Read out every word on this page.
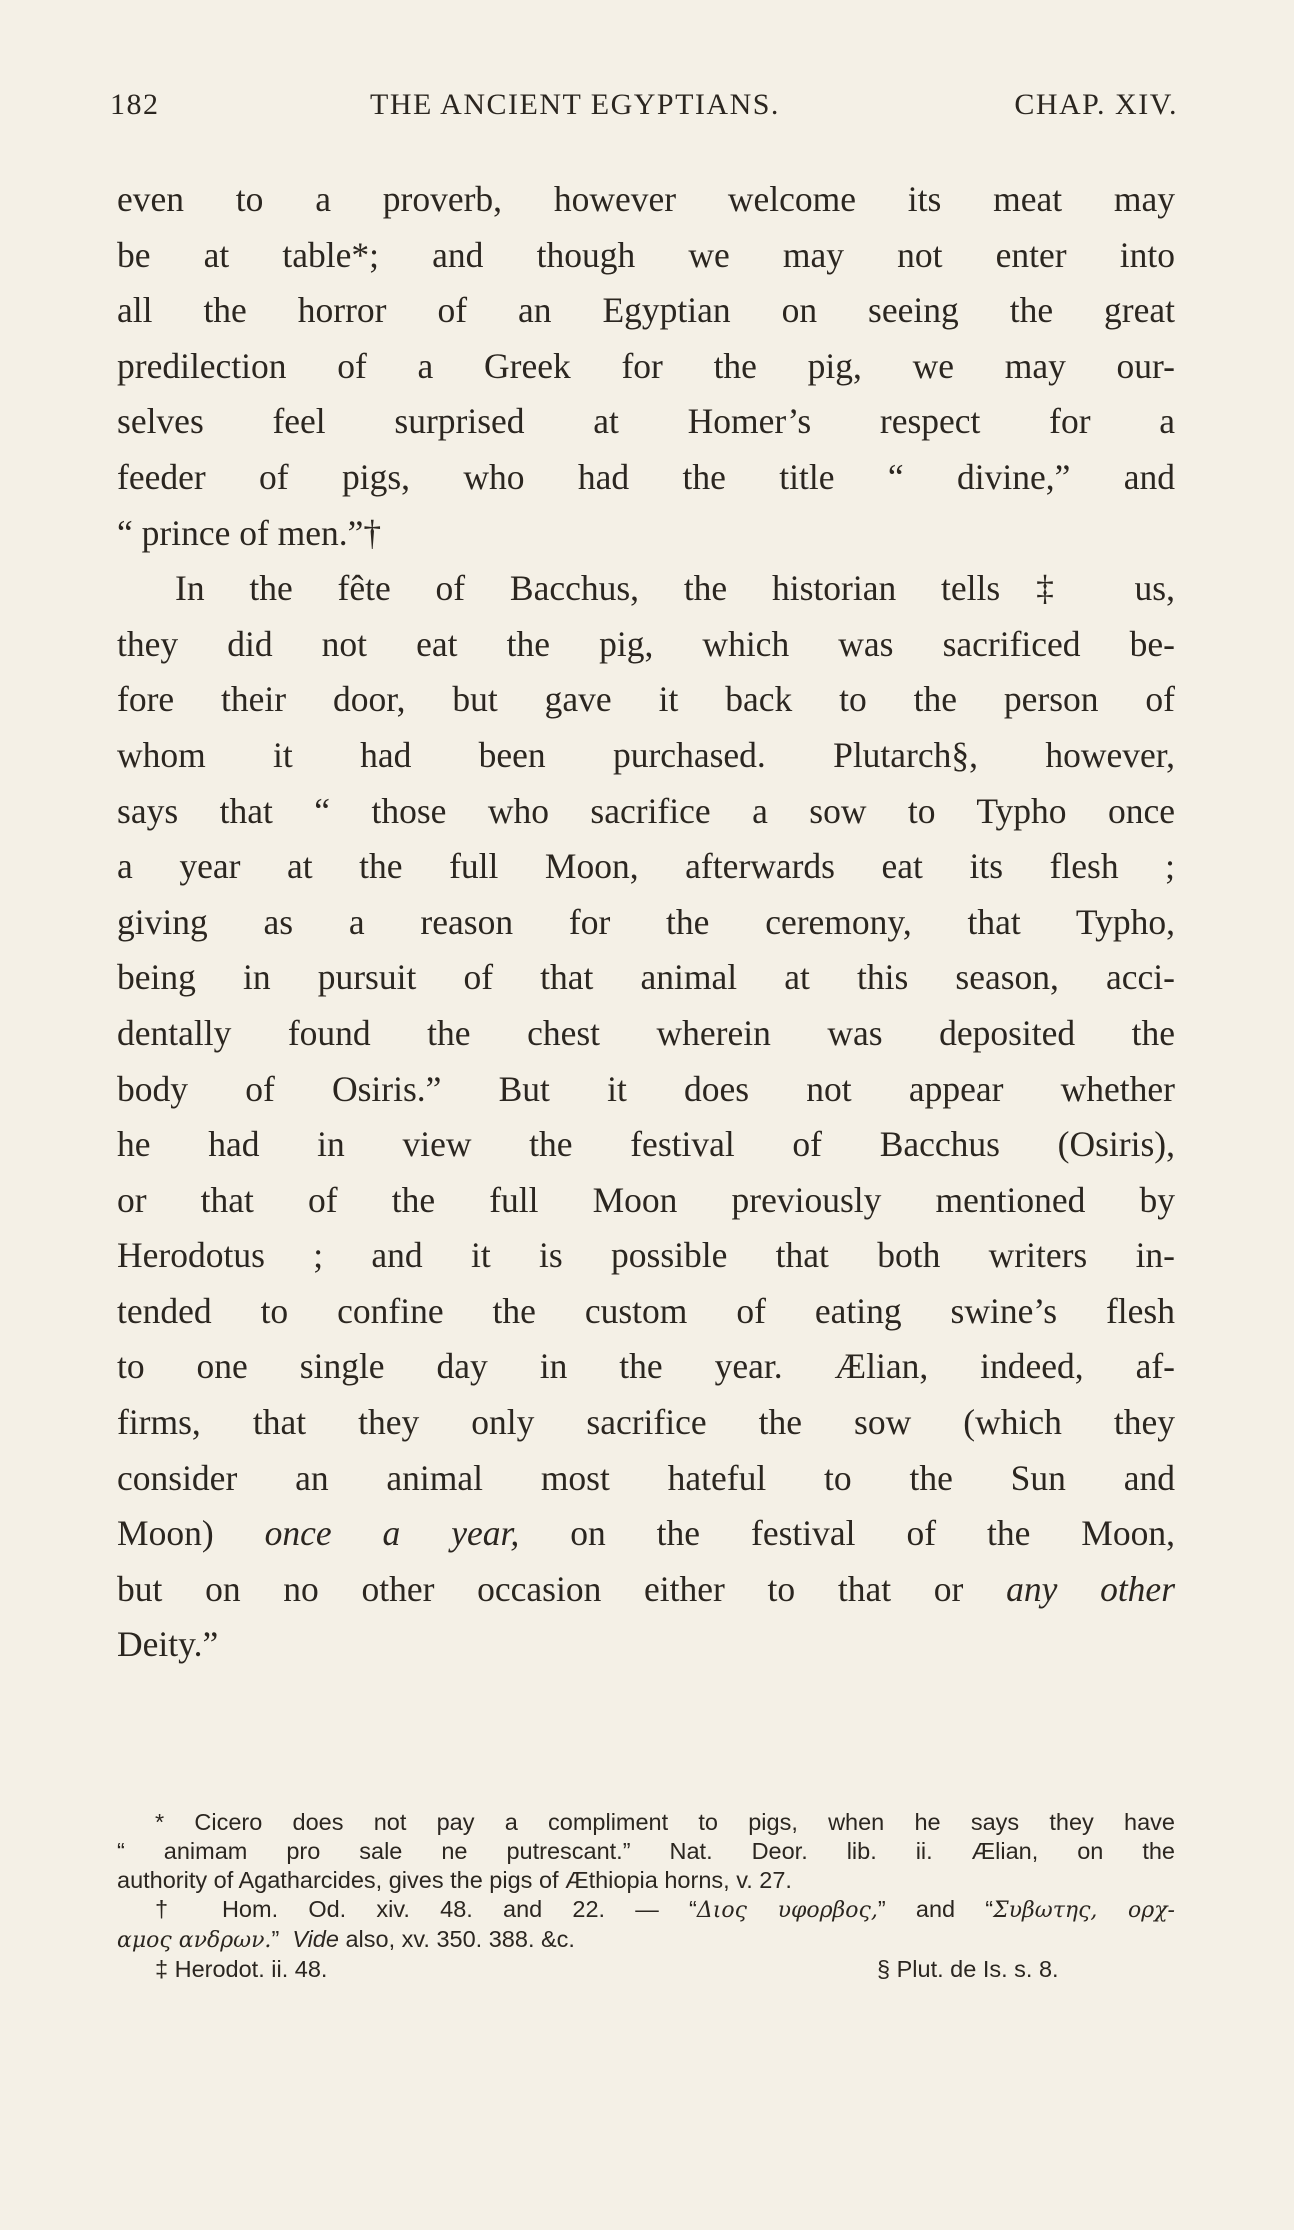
182	THE ANCIENT EGYPTIANS.	CHAP. XIV.
even to a proverb, however welcome its meat may
be at table*; and though we may not enter into
all the horror of an Egyptian on seeing the great
predilection of a Greek for the pig, we may our-
selves feel surprised at Homer’s respect for a
feeder of pigs, who had the title “ divine,” and
“ prince of men.”†
In the fête of Bacchus, the historian tells‡ us,
they did not eat the pig, which was sacrificed be-
fore their door, but gave it back to the person of
whom it had been purchased. Plutarch§, however,
says that “ those who sacrifice a sow to Typho once
a year at the full Moon, afterwards eat its flesh ;
giving as a reason for the ceremony, that Typho,
being in pursuit of that animal at this season, acci-
dentally found the chest wherein was deposited the
body of Osiris.” But it does not appear whether
he had in view the festival of Bacchus (Osiris),
or that of the full Moon previously mentioned by
Herodotus ; and it is possible that both writers in-
tended to confine the custom of eating swine’s flesh
to one single day in the year. Ælian, indeed, af-
firms, that they only sacrifice the sow (which they
consider an animal most hateful to the Sun and
Moon) once a year, on the festival of the Moon,
but on no other occasion either to that or any other
Deity.”
* Cicero does not pay a compliment to pigs, when he says they have
“ animam pro sale ne putrescant.” Nat. Deor. lib. ii. Ælian, on the
authority of Agatharcides, gives the pigs of Æthiopia horns, v. 27.
† Hom. Od. xiv. 48. and 22. — “Διος υφορβος,” and “Συβωτης, ορχ-
αμος ανδρων.” Vide also, xv. 350. 388. &c.
‡ Herodot. ii. 48.	§ Plut. de Is. s. 8.
